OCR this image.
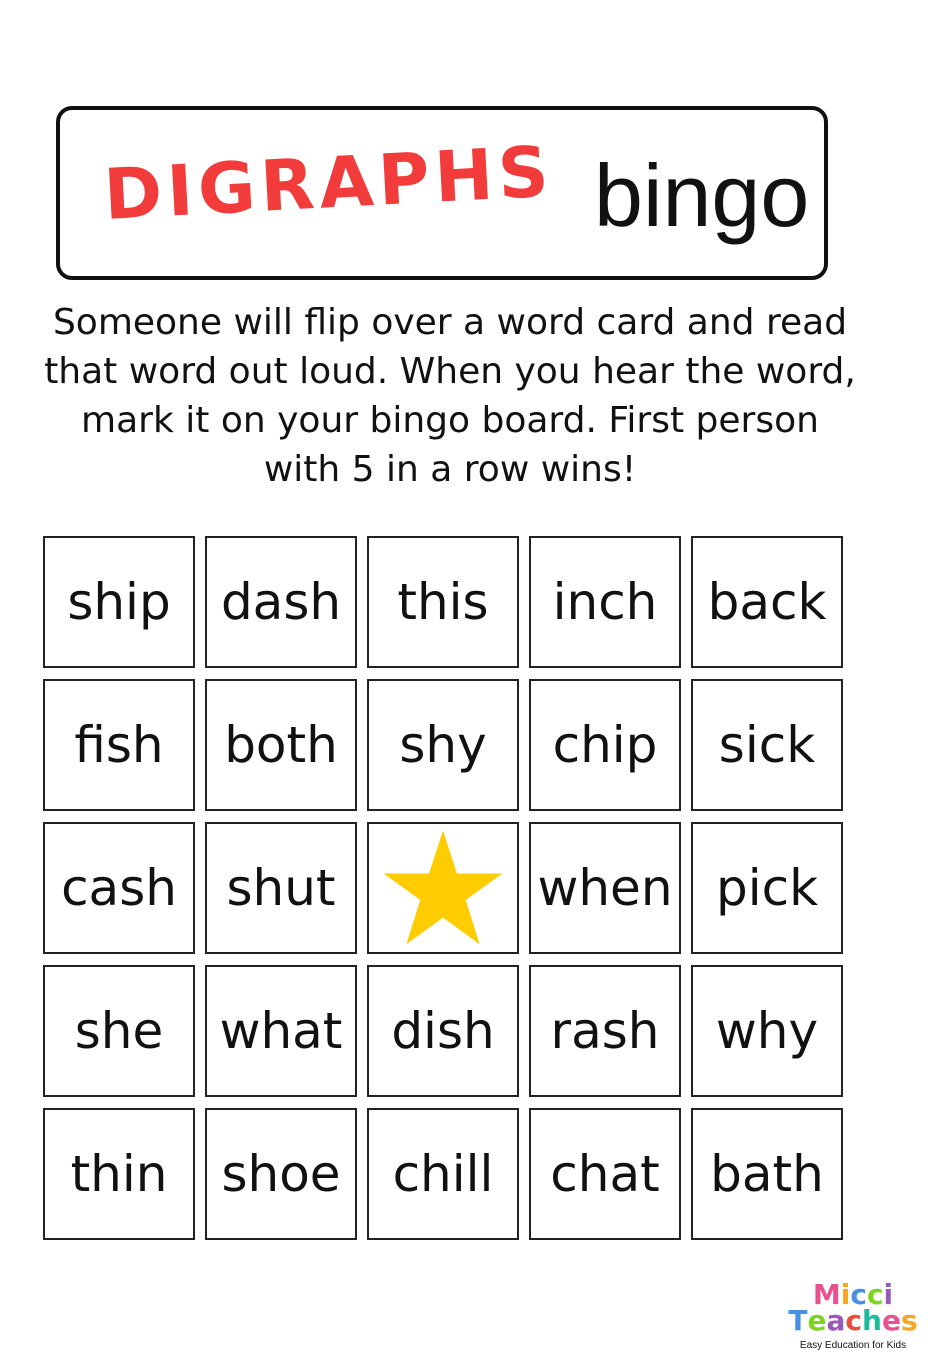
DIGRAPHS bingo

Someone will flip over a word card and read that word out loud. When you hear the word, mark it on your bingo board. First person with 5 in a row wins!

ship dash this inch back
fish both shy chip sick
cash shut	when pick
she what dish rash why
thin shoe chill chat bath
Micci
Teaches
Easy Education for Kids
